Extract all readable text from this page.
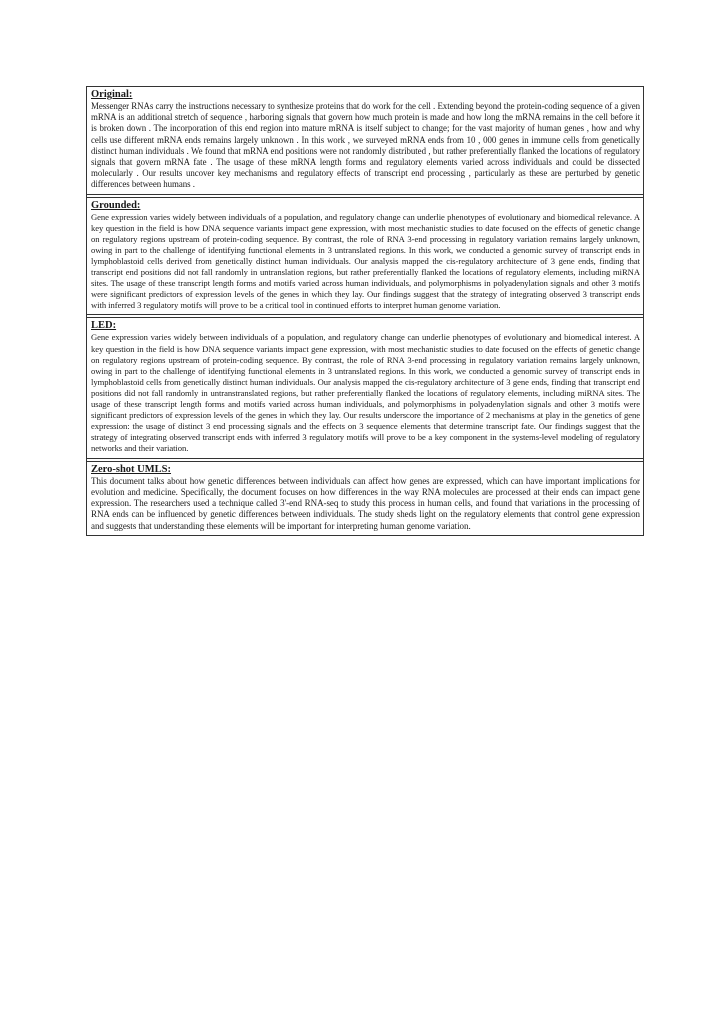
Original:

Messenger RNAs carry the instructions necessary to synthesize proteins that do work for the cell . Extending beyond the protein-coding sequence of a given mRNA is an additional stretch of sequence , harboring signals that govern how much protein is made and how long the mRNA remains in the cell before it is broken down . The incorporation of this end region into mature mRNA is itself subject to change; for the vast majority of human genes , how and why cells use different mRNA ends remains largely unknown . In this work , we surveyed mRNA ends from 10 , 000 genes in immune cells from genetically distinct human individuals . We found that mRNA end positions were not randomly distributed , but rather preferentially flanked the locations of regulatory signals that govern mRNA fate . The usage of these mRNA length forms and regulatory elements varied across individuals and could be dissected molecularly . Our results uncover key mechanisms and regulatory effects of transcript end processing , particularly as these are perturbed by genetic differences between humans .

Grounded:

Gene expression varies widely between individuals of a population, and regulatory change can underlie phenotypes of evolutionary and biomedical relevance. A key question in the field is how DNA sequence variants impact gene expression, with most mechanistic studies to date focused on the effects of genetic change on regulatory regions upstream of protein-coding sequence. By contrast, the role of RNA 3-end processing in regulatory variation remains largely unknown, owing in part to the challenge of identifying functional elements in 3 untranslated regions. In this work, we conducted a genomic survey of transcript ends in lymphoblastoid cells derived from genetically distinct human individuals. Our analysis mapped the cis-regulatory architecture of 3 gene ends, finding that transcript end positions did not fall randomly in untranslation regions, but rather preferentially flanked the locations of regulatory elements, including miRNA sites. The usage of these transcript length forms and motifs varied across human individuals, and polymorphisms in polyadenylation signals and other 3 motifs were significant predictors of expression levels of the genes in which they lay. Our findings suggest that the strategy of integrating observed 3 transcript ends with inferred 3 regulatory motifs will prove to be a critical tool in continued efforts to interpret human genome variation.

LED:

Gene expression varies widely between individuals of a population, and regulatory change can underlie phenotypes of evolutionary and biomedical interest. A key question in the field is how DNA sequence variants impact gene expression, with most mechanistic studies to date focused on the effects of genetic change on regulatory regions upstream of protein-coding sequence. By contrast, the role of RNA 3-end processing in regulatory variation remains largely unknown, owing in part to the challenge of identifying functional elements in 3 untranslated regions. In this work, we conducted a genomic survey of transcript ends in lymphoblastoid cells from genetically distinct human individuals. Our analysis mapped the cis-regulatory architecture of 3 gene ends, finding that transcript end positions did not fall randomly in untranstranslated regions, but rather preferentially flanked the locations of regulatory elements, including miRNA sites. The usage of these transcript length forms and motifs varied across human individuals, and polymorphisms in polyadenylation signals and other 3 motifs were significant predictors of expression levels of the genes in which they lay. Our results underscore the importance of 2 mechanisms at play in the genetics of gene expression: the usage of distinct 3 end processing signals and the effects on 3 sequence elements that determine transcript fate. Our findings suggest that the strategy of integrating observed transcript ends with inferred 3 regulatory motifs will prove to be a key component in the systems-level modeling of regulatory networks and their variation.

Zero-shot UMLS:

This document talks about how genetic differences between individuals can affect how genes are expressed, which can have important implications for evolution and medicine. Specifically, the document focuses on how differences in the way RNA molecules are processed at their ends can impact gene expression. The researchers used a technique called 3'-end RNA-seq to study this process in human cells, and found that variations in the processing of RNA ends can be influenced by genetic differences between individuals. The study sheds light on the regulatory elements that control gene expression and suggests that understanding these elements will be important for interpreting human genome variation.
